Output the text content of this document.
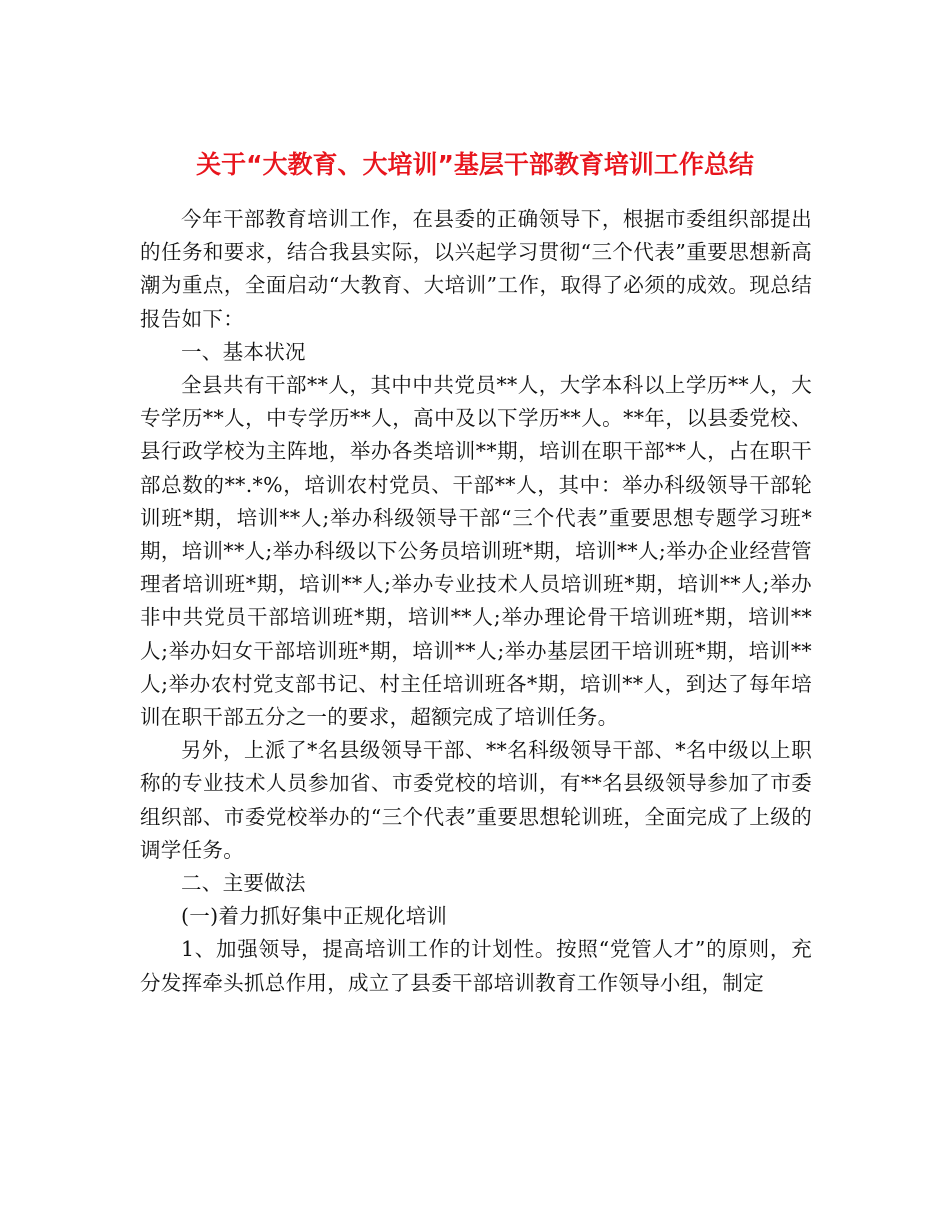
关于“大教育、大培训”基层干部教育培训工作总结

今年干部教育培训工作，在县委的正确领导下，根据市委组织部提出的任务和要求，结合我县实际，以兴起学习贯彻“三个代表”重要思想新高潮为重点，全面启动“大教育、大培训”工作，取得了必须的成效。现总结报告如下：

一、基本状况

全县共有干部**人，其中中共党员**人，大学本科以上学历**人，大专学历**人，中专学历**人，高中及以下学历**人。**年，以县委党校、县行政学校为主阵地，举办各类培训**期，培训在职干部**人，占在职干部总数的**.*%，培训农村党员、干部**人，其中：举办科级领导干部轮训班*期，培训**人;举办科级领导干部“三个代表”重要思想专题学习班*期，培训**人;举办科级以下公务员培训班*期，培训**人;举办企业经营管理者培训班*期，培训**人;举办专业技术人员培训班*期，培训**人;举办非中共党员干部培训班*期，培训**人;举办理论骨干培训班*期，培训**人;举办妇女干部培训班*期，培训**人;举办基层团干培训班*期，培训**人;举办农村党支部书记、村主任培训班各*期，培训**人，到达了每年培训在职干部五分之一的要求，超额完成了培训任务。

另外，上派了*名县级领导干部、**名科级领导干部、*名中级以上职称的专业技术人员参加省、市委党校的培训，有**名县级领导参加了市委组织部、市委党校举办的“三个代表”重要思想轮训班，全面完成了上级的调学任务。

二、主要做法

(一)着力抓好集中正规化培训

1、加强领导，提高培训工作的计划性。按照“党管人才”的原则，充分发挥牵头抓总作用，成立了县委干部培训教育工作领导小组，制定
